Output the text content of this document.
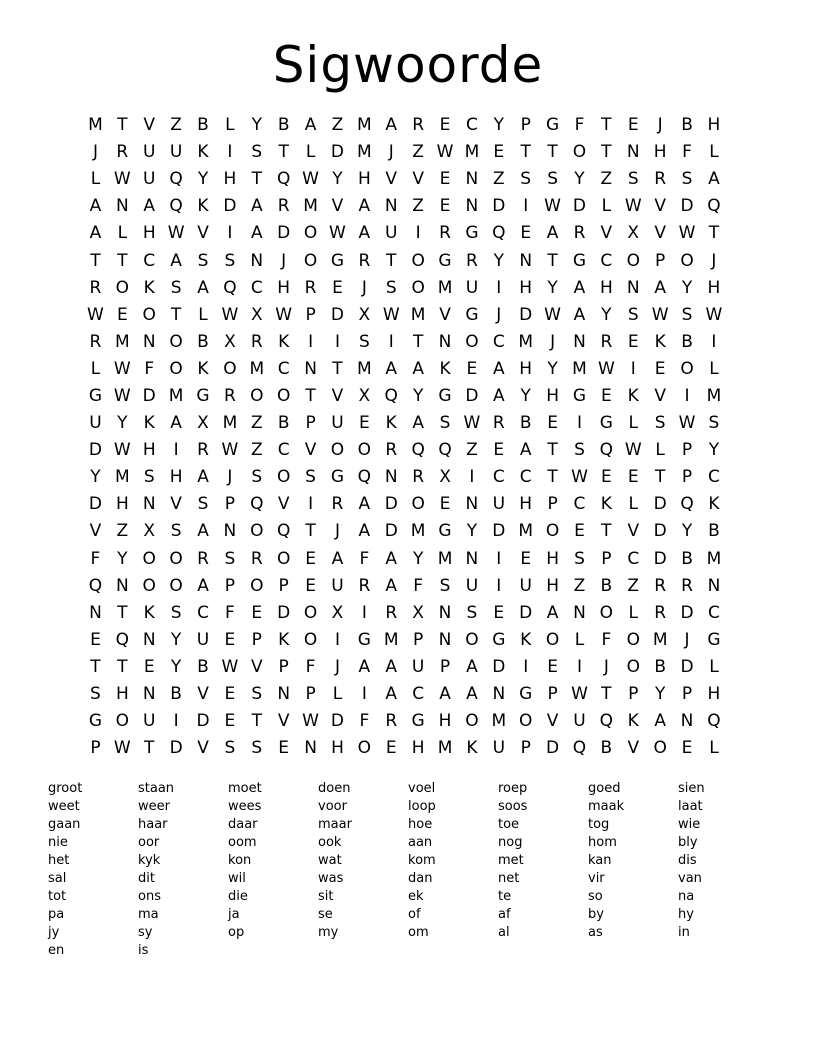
Sigwoorde
M T V Z B L Y B A Z M A R E C Y P G F T E	J	B H
J	R U U K	I	S T L D M	J	Z W M E T T O T N H F	L
L W U Q Y H T Q W Y H V V E N Z S S Y Z S R S A
A N A Q K D A R M V A N Z E N D	I W D L W V D Q
A L H W V	I	A D O W A U	I	R G Q E A R V X V W T
T T C A S S N	J	O G R T O G R Y N T G C O P O	J
R O K S A Q C H R E	J	S O M U	I	H Y A H N A Y H
W E O T L W X W P D X W M V G	J	D W A Y S W S W
R M N O B X R K	I	I	S	I	T N O C M	J	N R E K B	I
L W F O K O M C N T M A A K E A H Y M W I	E O L
G W D M G R O O T V X Q Y G D A Y H G E K V	I	M
U Y K A X M Z B P U E K A S W R B E	I	G L S W S
D W H	I	R W Z C V O O R Q Q Z E A T S Q W L	P Y
Y M S H A	J	S O S G Q N R X	I	C C T W E E T P C
D H N V S P Q V	I	R A D O E N U H P C K L D Q K
V Z X S A N O Q T	J	A D M G Y D M O E T V D Y B
F Y O O R S R O E A F A Y M N	I	E H S P C D B M
Q N O O A P O P E U R A F S U	I	U H Z B Z R R N
N T K S C F E D O X	I	R X N S E D A N O L R D C
E Q N Y U E P K O	I	G M P N O G K O L	F O M	J	G
T T E Y B W V P F	J	A A U P A D	I	E	I	J	O B D L
S H N B V E S N P	L	I	A C A A N G P W T P Y P H
G O U	I	D E T V W D F R G H O M O V U Q K A N Q
P W T D V S S E N H O E H M K U P D Q B V O E L
groot	staan	moet	doen	voel	roep	goed	sien
weet	weer	wees	voor	loop	soos	maak	laat
gaan	haar	daar	maar	hoe	toe	tog	wie
nie	oor	oom	ook	aan	nog	hom	bly
het	kyk	kon	wat	kom	met	kan	dis
sal	dit	wil	was	dan	net	vir	van
tot	ons	die	sit	ek	te	so	na
pa	ma	ja	se	of	af	by	hy
jy	sy	op	my	om	al	as	in
en	is
